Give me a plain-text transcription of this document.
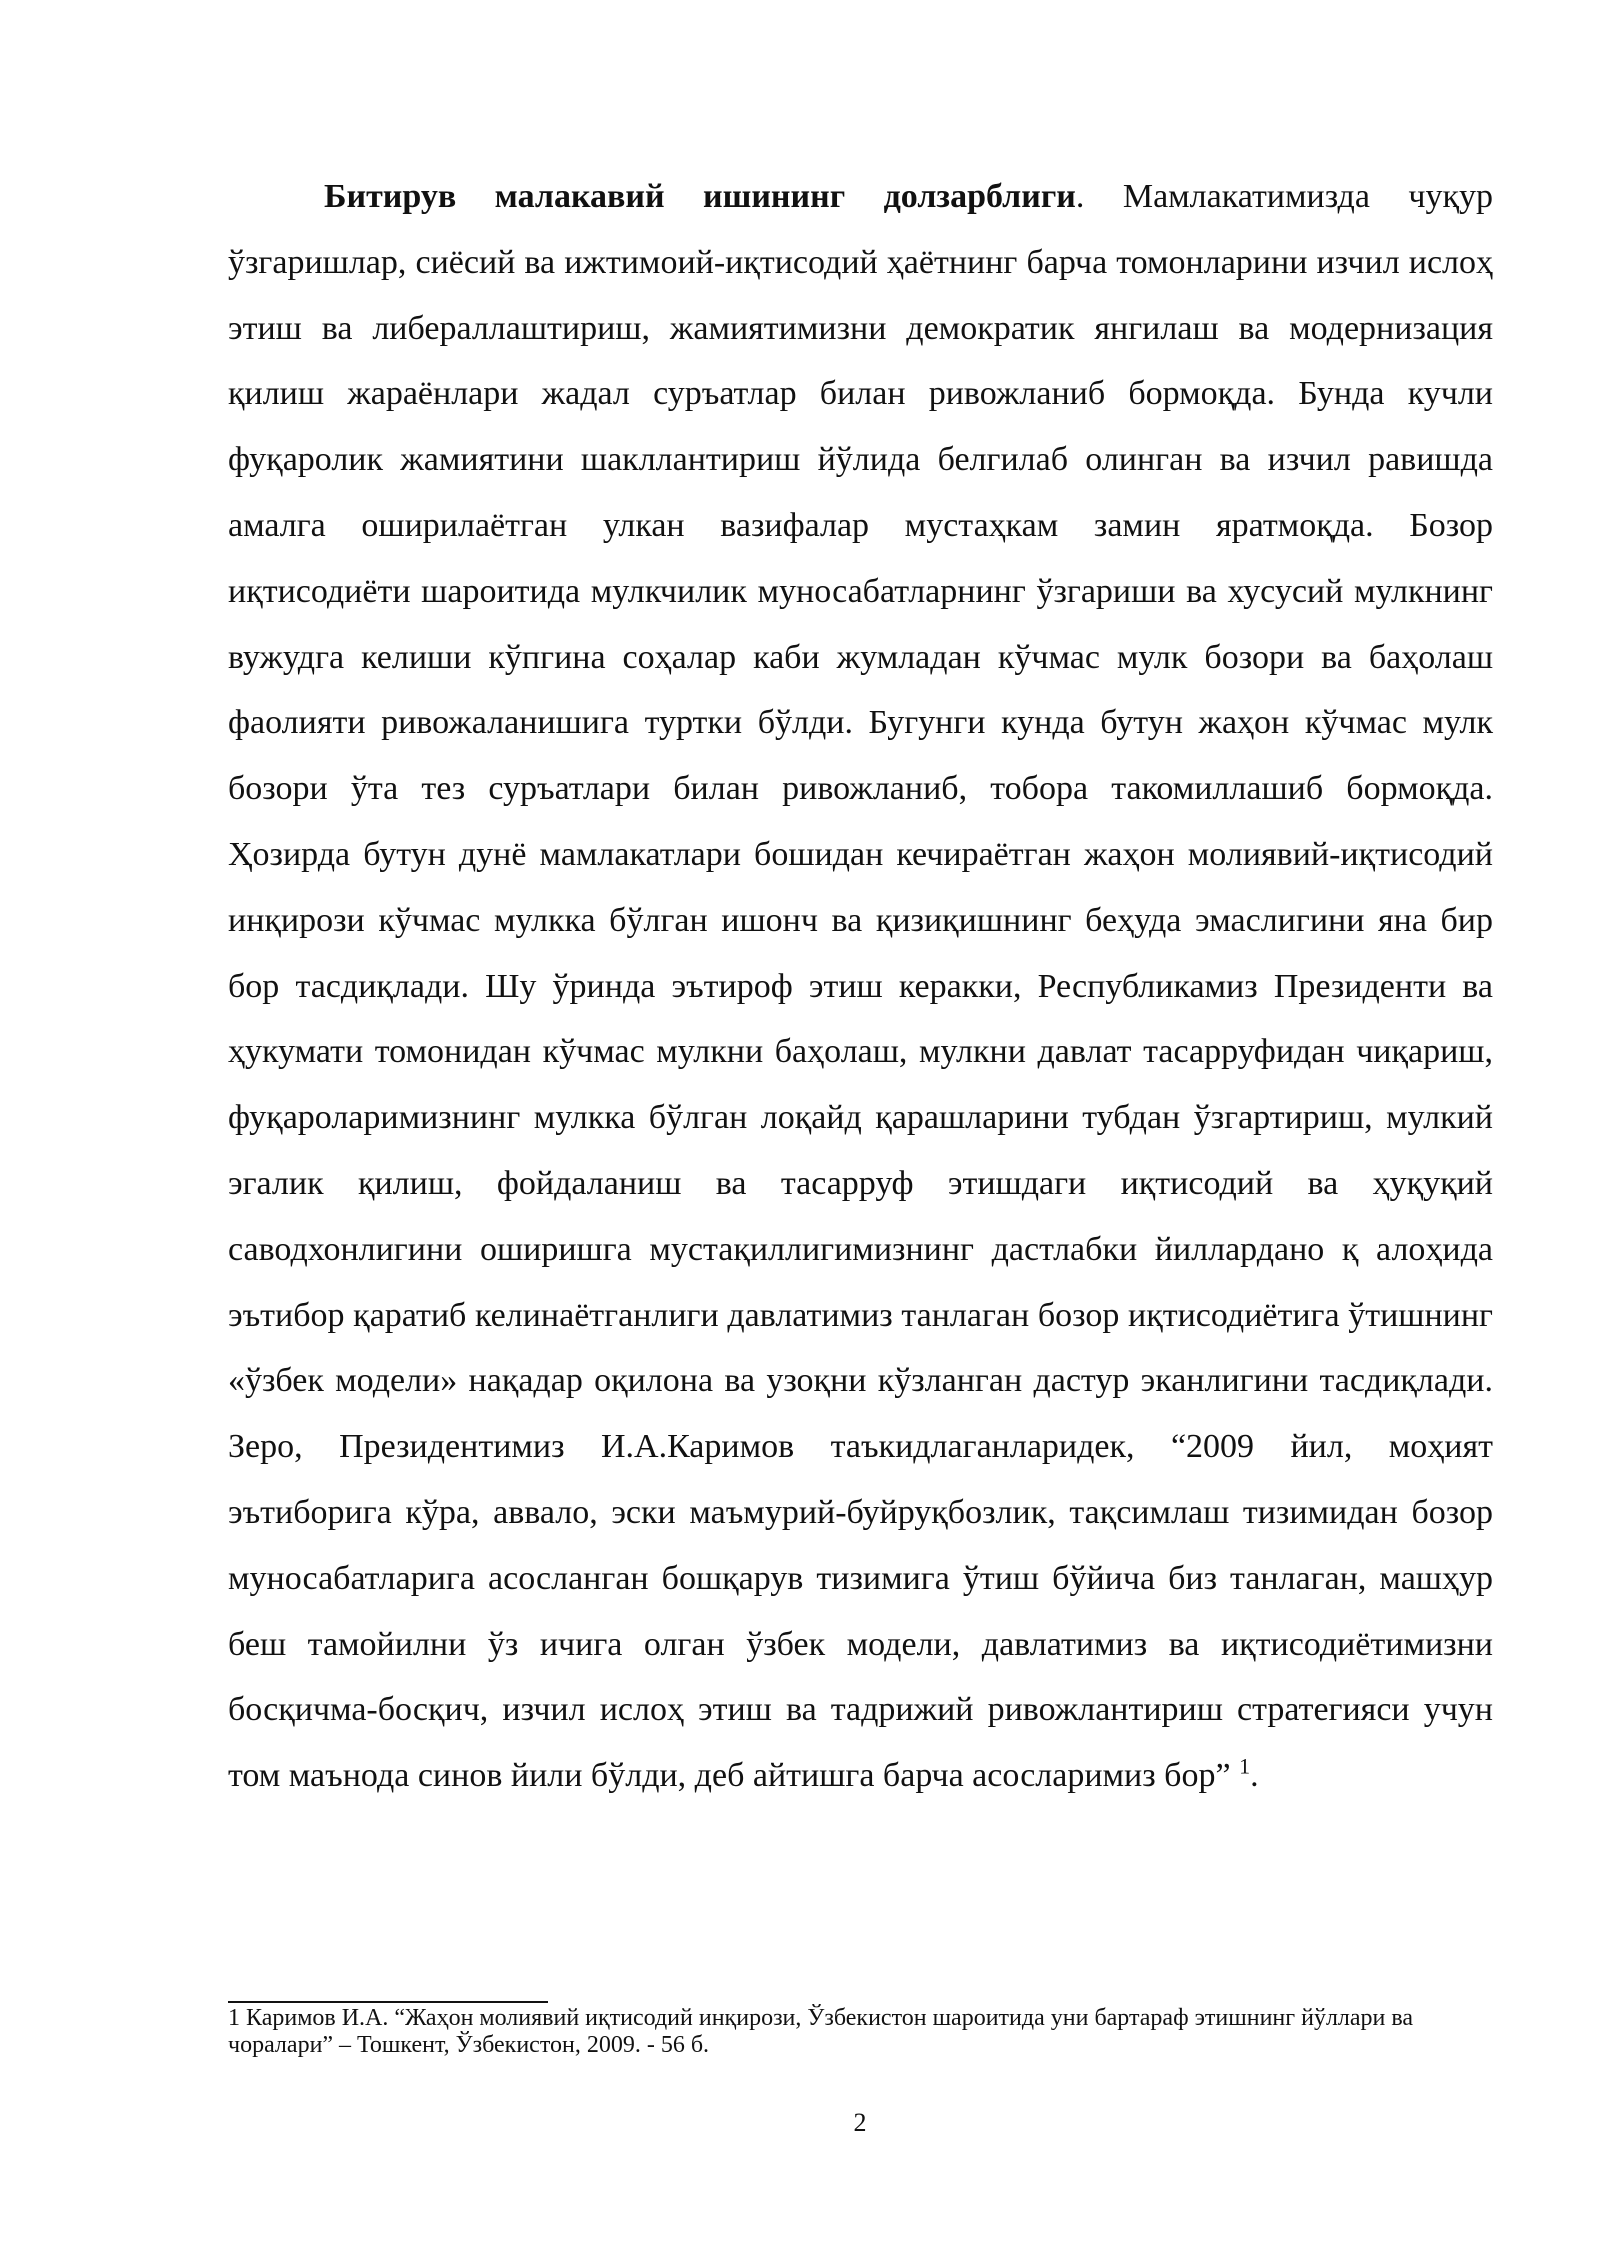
Битирув малакавий ишининг долзарблиги. Мамлакатимизда чуқур ўзгаришлар, сиёсий ва ижтимоий-иқтисодий ҳаётнинг барча томонларини изчил ислоҳ этиш ва либераллаштириш, жамиятимизни демократик янгилаш ва модернизация қилиш жараёнлари жадал суръатлар билан ривожланиб бормоқда. Бунда кучли фуқаролик жамиятини шакллантириш йўлида белгилаб олинган ва изчил равишда амалга оширилаётган улкан вазифалар мустаҳкам замин яратмоқда. Бозор иқтисодиёти шароитида мулкчилик муносабатларнинг ўзгариши ва хусусий мулкнинг вужудга келиши кўпгина соҳалар каби жумладан кўчмас мулк бозори ва баҳолаш фаолияти ривожаланишига туртки бўлди. Бугунги кунда бутун жаҳон кўчмас мулк бозори ўта тез суръатлари билан ривожланиб, тобора такомиллашиб бормоқда. Ҳозирда бутун дунё мамлакатлари бошидан кечираётган жаҳон молиявий-иқтисодий инқирози кўчмас мулкка бўлган ишонч ва қизиқишнинг беҳуда эмаслигини яна бир бор тасдиқлади. Шу ўринда эътироф этиш керакки, Республикамиз Президенти ва ҳукумати томонидан кўчмас мулкни баҳолаш, мулкни давлат тасарруфидан чиқариш, фуқароларимизнинг мулкка бўлган лоқайд қарашларини тубдан ўзгартириш, мулкий эгалик қилиш, фойдаланиш ва тасарруф этишдаги иқтисодий ва ҳуқуқий саводхонлигини оширишга мустақиллигимизнинг дастлабки йиллардано қ алоҳида эътибор қаратиб келинаётганлиги давлатимиз танлаган бозор иқтисодиётига ўтишнинг «ўзбек модели» нақадар оқилона ва узоқни кўзланган дастур эканлигини тасдиқлади. Зеро, Президентимиз И.А.Каримов таъкидлаганларидек, “2009 йил, моҳият эътиборига кўра, аввало, эски маъмурий-буйруқбозлик, тақсимлаш тизимидан бозор муносабатларига асосланган бошқарув тизимига ўтиш бўйича биз танлаган, машҳур беш тамойилни ўз ичига олган ўзбек модели, давлатимиз ва иқтисодиётимизни босқичма-босқич, изчил ислоҳ этиш ва тадрижий ривожлантириш стратегияси учун том маънода синов йили бўлди, деб айтишга барча асосларимиз бор” $^1$.

1 Каримов И.А. “Жаҳон молиявий иқтисодий инқирози, Ўзбекистон шароитида уни бартараф этишнинг йўллари ва чоралари” – Тошкент, Ўзбекистон, 2009. - 56 б.

2
